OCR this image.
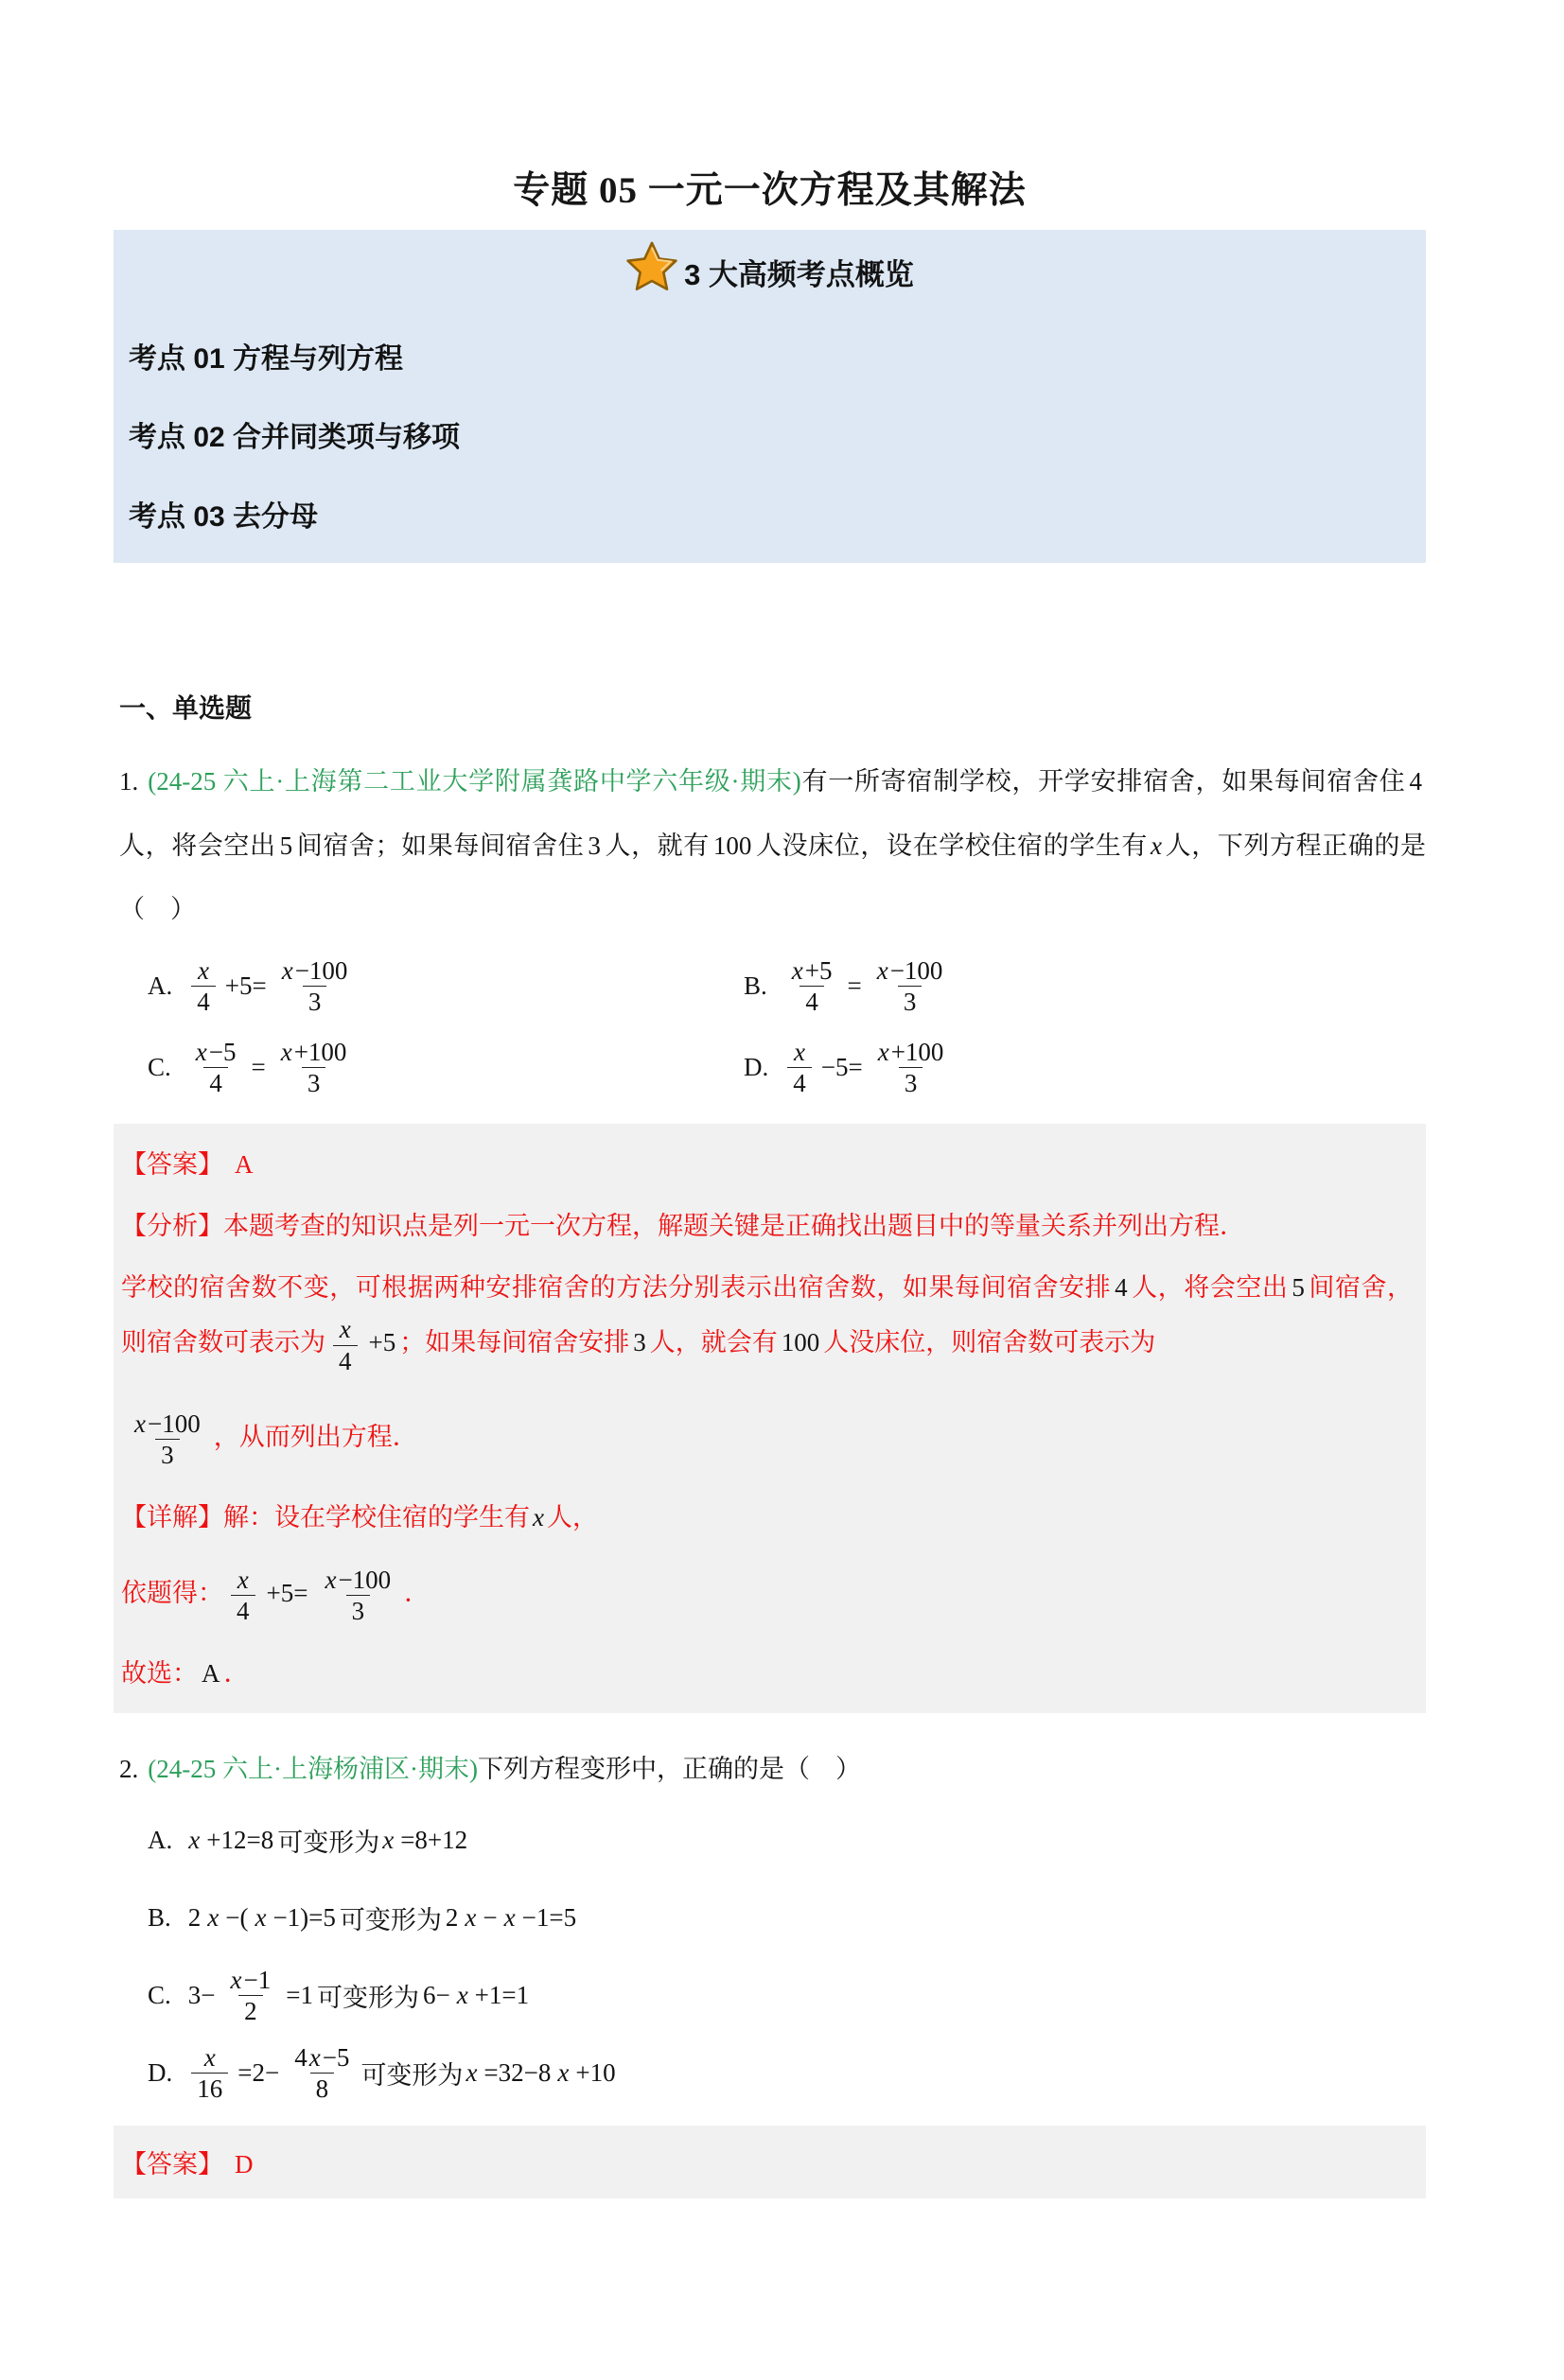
专题 05 一元一次方程及其解法
3 大高频考点概览
考点 01 方程与列方程
考点 02 合并同类项与移项
考点 03 去分母
一、单选题

1. (24-25 六上·上海第二工业大学附属龚路中学六年级·期末)有一所寄宿制学校，开学安排宿舍，如果每间宿舍住 4人，将会空出 5 间宿舍；如果每间宿舍住 3 人，就有 100 人没床位，设在学校住宿的学生有 x 人，下列方程正确的是（　）

A. $\frac{x}{4} +5= \frac{x-100}{3}$	B. $\frac{x+5}{4} = \frac{x-100}{3}$
C. $\frac{x-5}{4} = \frac{x+100}{3}$	D. $\frac{x}{4} -5= \frac{x+100}{3}$

【答案】 A

【分析】本题考查的知识点是列一元一次方程，解题关键是正确找出题目中的等量关系并列出方程．

学校的宿舍数不变，可根据两种安排宿舍的方法分别表示出宿舍数，如果每间宿舍安排 4 人，将会空出 5 间宿舍，则宿舍数可表示为 $\frac{x}{4} +5$ ；如果每间宿舍安排 3 人，就会有 100 人没床位，则宿舍数可表示为

$\frac{x-100}{3}$ ，从而列出方程．

【详解】解：设在学校住宿的学生有 x 人，

依题得： $\frac{x}{4} +5= \frac{x-100}{3}$ ．

故选： A ．

2. (24-25 六上·上海杨浦区·期末)下列方程变形中，正确的是（　）

A. x +12=8 可变形为 x =8+12
B. 2 x −( x −1)=5 可变形为 2 x − x −1=5
C. $3- \frac{x-1}{2} =1$ 可变形为 6− x +1=1
D. $\frac{x}{16} =2- \frac{4x-5}{8}$ 可变形为 x =32−8 x +10

【答案】 D
